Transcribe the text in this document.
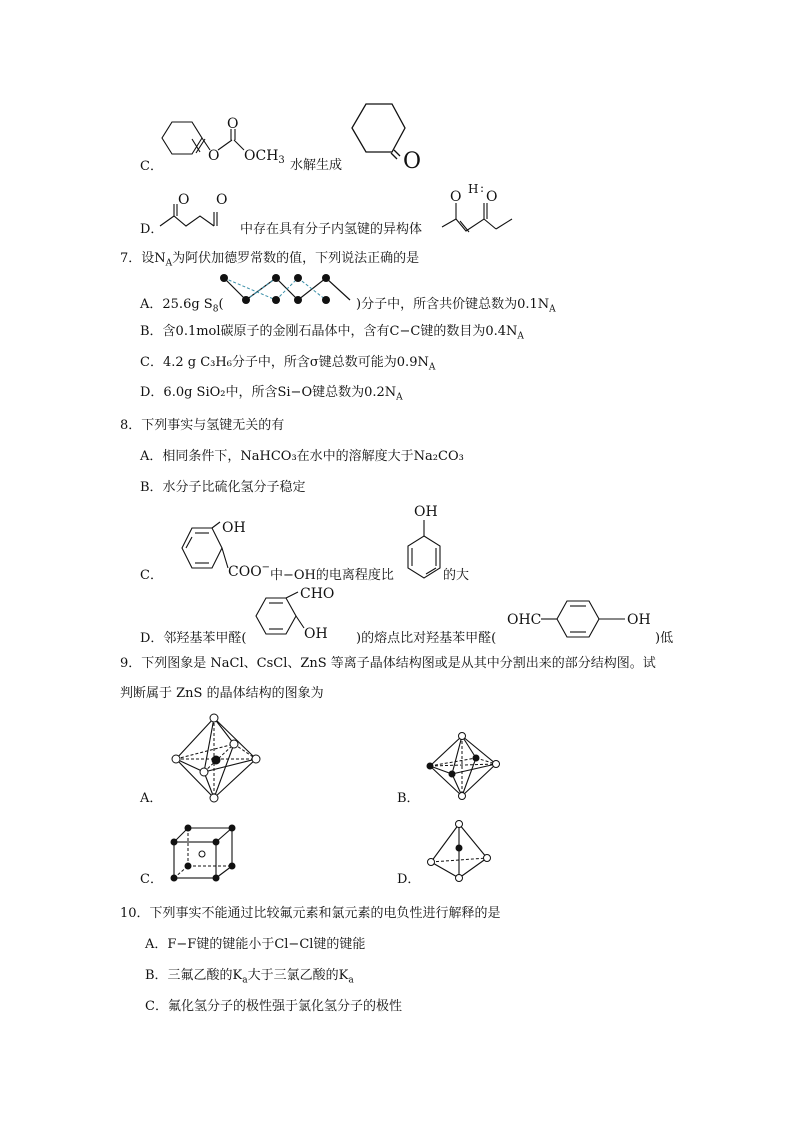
C．
O
O
$OCH_3$ 水解生成	O
D．
O O
中存在具有分子内氢键的异构体
O H :
O
7．设$N_A$为阿伏加德罗常数的值，下列说法正确的是
A．25.6g $S_8$(	)分子中，所含共价键总数为$0.1N_A$
B．含0.1mol碳原子的金刚石晶体中，含有C−C键的数目为$0.4N_A$
C．4.2 g C₃H₆分子中，所含σ键总数可能为$0.9N_A$
D．6.0g SiO₂中，所含Si−O键总数为$0.2N_A$
8．下列事实与氢键无关的有
A．相同条件下，NaHCO₃在水中的溶解度大于Na₂CO₃
B．水分子比硫化氢分子稳定
C．
OH
COO−
中−OH的电离程度比
OH
的大
D．邻羟基苯甲醛(
CHO
OH )的熔点比对羟基苯甲醛(
OHC	OH
)低
9．下列图象是 NaCl、CsCl、ZnS 等离子晶体结构图或是从其中分割出来的部分结构图。试
判断属于 ZnS 的晶体结构的图象为
A．	B．
C．	D．
10．下列事实不能通过比较氟元素和氯元素的电负性进行解释的是
A．F−F键的键能小于Cl−Cl键的键能
B．三氟乙酸的$K_a$大于三氯乙酸的$K_a$
C．氟化氢分子的极性强于氯化氢分子的极性
